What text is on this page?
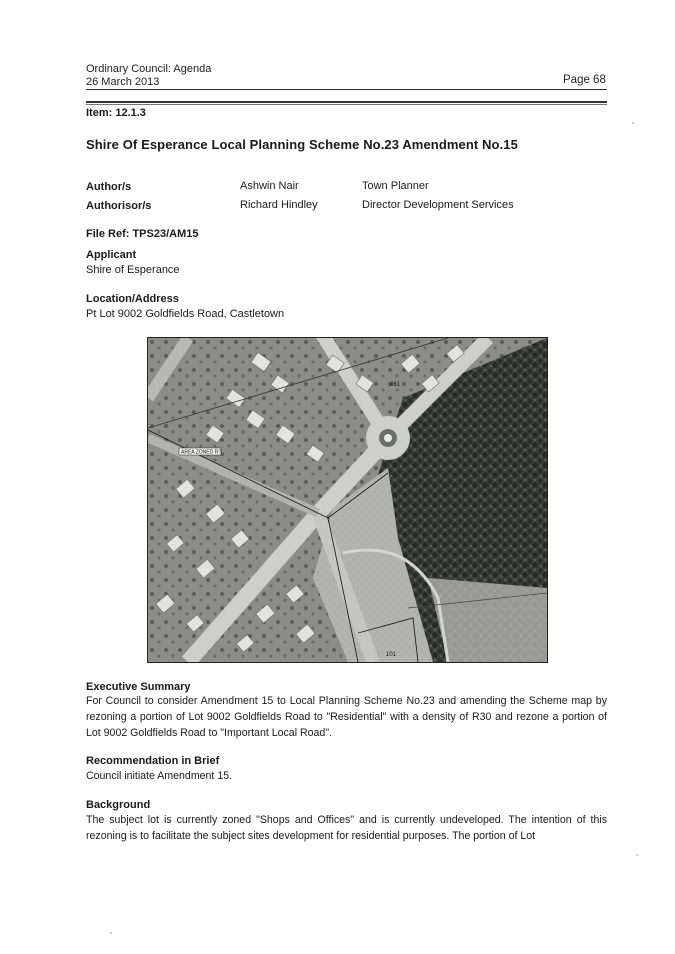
Ordinary Council: Agenda
26 March 2013	Page 68
Item: 12.1.3
Shire Of Esperance Local Planning Scheme No.23 Amendment No.15
Author/s	Ashwin Nair	Town Planner
Authorisor/s	Richard Hindley	Director Development Services
File Ref: TPS23/AM15
Applicant
Shire of Esperance
Location/Address
Pt Lot 9002 Goldfields Road, Castletown
AREA ZONED R?
101
861
Executive Summary
For Council to consider Amendment 15 to Local Planning Scheme No.23 and amending the Scheme map by rezoning a portion of Lot 9002 Goldfields Road to "Residential" with a density of R30 and rezone a portion of Lot 9002 Goldfields Road to "Important Local Road".
Recommendation in Brief
Council initiate Amendment 15.
Background
The subject lot is currently zoned "Shops and Offices" and is currently undeveloped. The intention of this rezoning is to facilitate the subject sites development for residential purposes. The portion of Lot
